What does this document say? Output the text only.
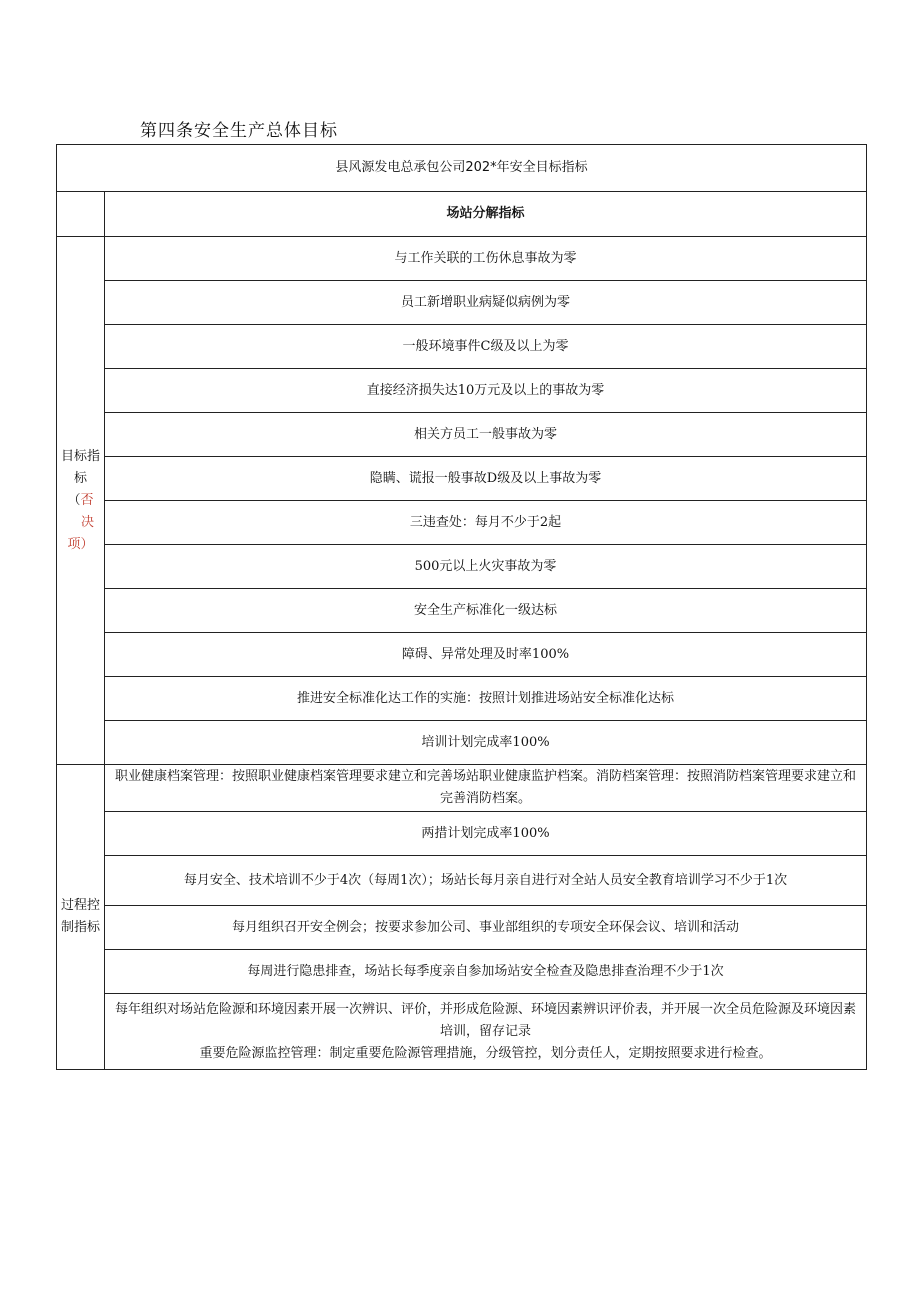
第四条安全生产总体目标
县风源发电总承包公司202*年安全目标指标	
	场站分解指标
目标指
标（否
决
项）	与工作关联的工伤休息事故为零
	员工新增职业病疑似病例为零
	一般环境事件C级及以上为零
	直接经济损失达10万元及以上的事故为零
	相关方员工一般事故为零
	隐瞒、谎报一般事故D级及以上事故为零
	三违查处：每月不少于2起
	500元以上火灾事故为零
	安全生产标准化一级达标
	障碍、异常处理及时率100%
	推进安全标准化达工作的实施：按照计划推进场站安全标准化达标
	培训计划完成率100%
过程控
制指标	职业健康档案管理：按照职业健康档案管理要求建立和完善场站职业健康监护档案。消防档案管理：按照消防档案管理要求建立和完善消防档案。
	两措计划完成率100%
	每月安全、技术培训不少于4次（每周1次）；场站长每月亲自进行对全站人员安全教育培训学习不少于1次
	每月组织召开安全例会；按要求参加公司、事业部组织的专项安全环保会议、培训和活动
	每周进行隐患排查，场站长每季度亲自参加场站安全检查及隐患排查治理不少于1次

	每年组织对场站危险源和环境因素开展一次辨识、评价，并形成危险源、环境因素辨识评价表，并开展一次全员危险源及环境因素培训，留存记录
重要危险源监控管理：制定重要危险源管理措施，分级管控，划分责任人，定期按照要求进行检查。
